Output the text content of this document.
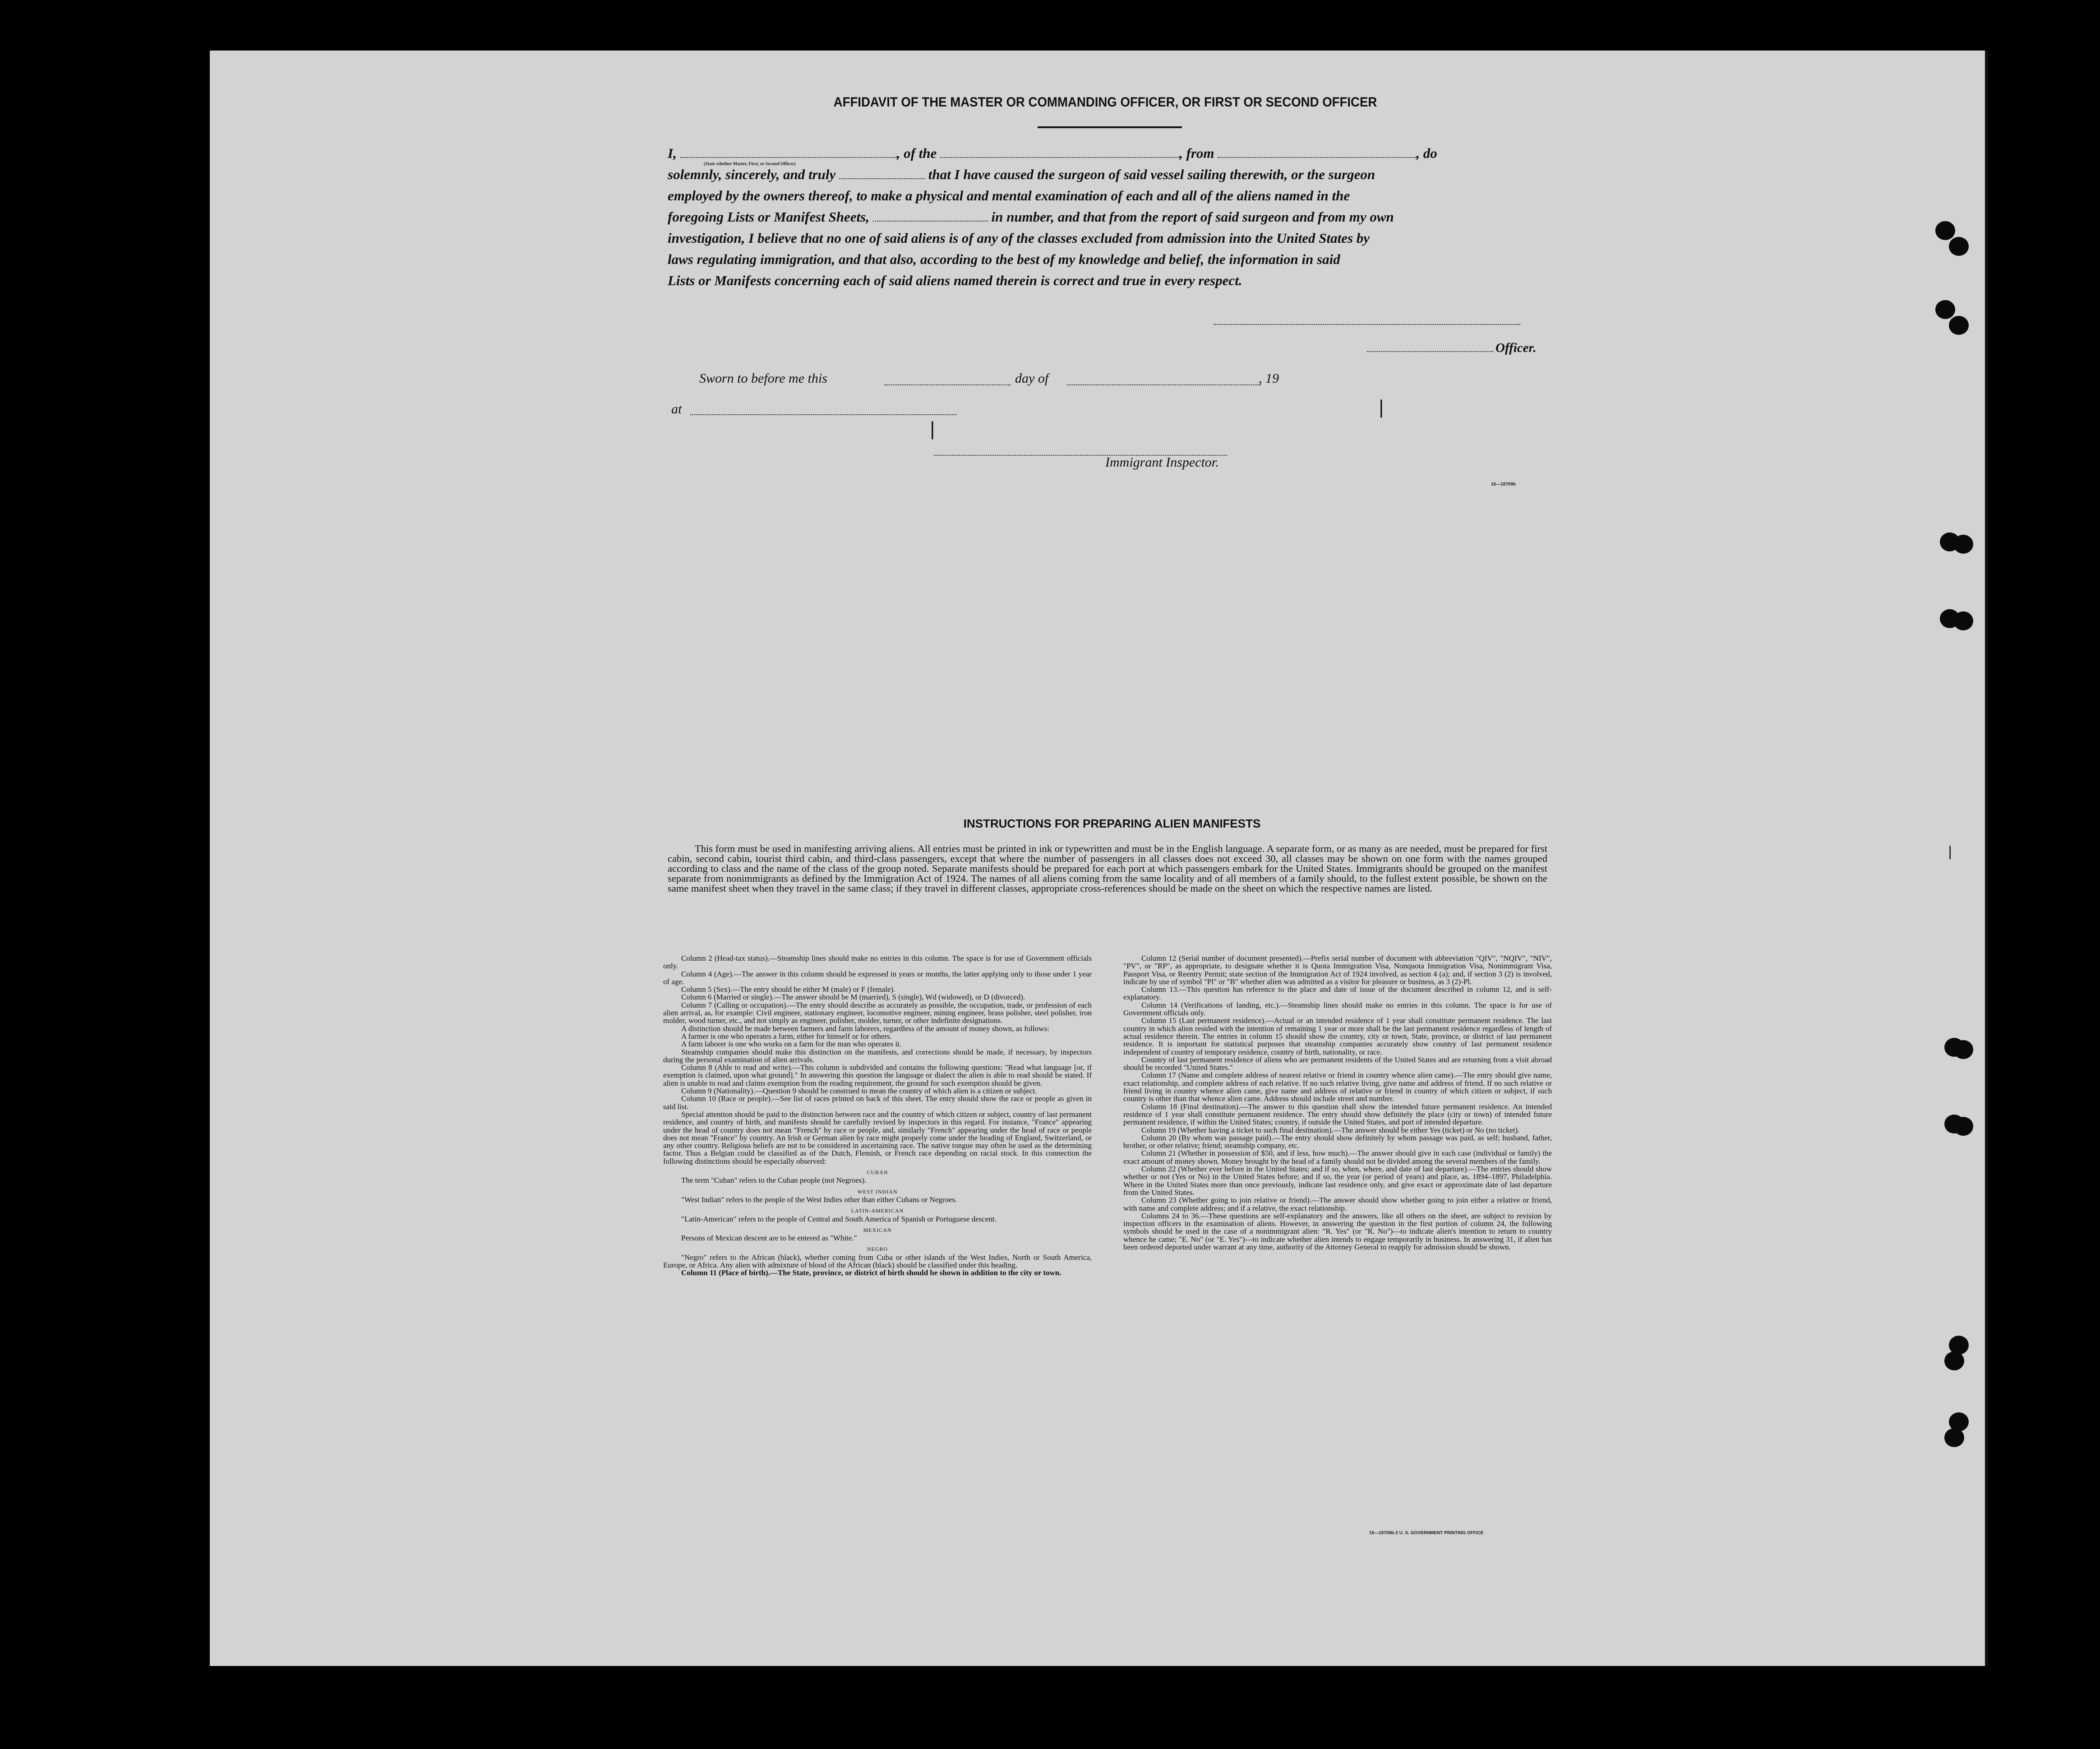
AFFIDAVIT OF THE MASTER OR COMMANDING OFFICER, OR FIRST OR SECOND OFFICER
I,	, of the	, from	, do
solemnly, sincerely, and truly	that I have caused the surgeon of said vessel sailing therewith, or the surgeon
employed by the owners thereof, to make a physical and mental examination of each and all of the aliens named in the
foregoing Lists or Manifest Sheets,	in number, and that from the report of said surgeon and from my own
investigation, I believe that no one of said aliens is of any of the classes excluded from admission into the United States by
laws regulating immigration, and that also, according to the best of my knowledge and belief, the information in said
Lists or Manifests concerning each of said aliens named therein is correct and true in every respect.
(State whether Master, First, or Second Officer)
Officer.
Sworn to before me this	day of	, 19
at
Immigrant Inspector.
16—18709b
INSTRUCTIONS FOR PREPARING ALIEN MANIFESTS
This form must be used in manifesting arriving aliens. All entries must be printed in ink or typewritten and must be in the English language. A separate form, or as many as are needed, must be prepared for first cabin, second cabin, tourist third cabin, and third-class passengers, except that where the number of passengers in all classes does not exceed 30, all classes may be shown on one form with the names grouped according to class and the name of the class of the group noted. Separate manifests should be prepared for each port at which passengers embark for the United States. Immigrants should be grouped on the manifest separate from nonimmigrants as defined by the Immigration Act of 1924. The names of all aliens coming from the same locality and of all members of a family should, to the fullest extent possible, be shown on the same manifest sheet when they travel in the same class; if they travel in different classes, appropriate cross-references should be made on the sheet on which the respective names are listed.

Column 2 (Head-tax status).—Steamship lines should make no entries in this column. The space is for use of Government officials only.

Column 4 (Age).—The answer in this column should be expressed in years or months, the latter applying only to those under 1 year of age.

Column 5 (Sex).—The entry should be either M (male) or F (female).

Column 6 (Married or single).—The answer should be M (married), S (single), Wd (widowed), or D (divorced).

Column 7 (Calling or occupation).—The entry should describe as accurately as possible, the occupation, trade, or profession of each alien arrival, as, for example: Civil engineer, stationary engineer, locomotive engineer, mining engineer, brass polisher, steel polisher, iron molder, wood turner, etc., and not simply as engineer, polisher, molder, turner, or other indefinite designations.

A distinction should be made between farmers and farm laborers, regardless of the amount of money shown, as follows:

A farmer is one who operates a farm, either for himself or for others.

A farm laborer is one who works on a farm for the man who operates it.

Steamship companies should make this distinction on the manifests, and corrections should be made, if necessary, by inspectors during the personal examination of alien arrivals.

Column 8 (Able to read and write).—This column is subdivided and contains the following questions: "Read what language [or, if exemption is claimed, upon what ground]." In answering this question the language or dialect the alien is able to read should be stated. If alien is unable to read and claims exemption from the reading requirement, the ground for such exemption should be given.

Column 9 (Nationality).—Question 9 should be construed to mean the country of which alien is a citizen or subject.

Column 10 (Race or people).—See list of races printed on back of this sheet. The entry should show the race or people as given in said list.

Special attention should be paid to the distinction between race and the country of which citizen or subject, country of last permanent residence, and country of birth, and manifests should be carefully revised by inspectors in this regard. For instance, "France" appearing under the head of country does not mean "French" by race or people, and, similarly "French" appearing under the head of race or people does not mean "France" by country. An Irish or German alien by race might properly come under the heading of England, Switzerland, or any other country. Religious beliefs are not to be considered in ascertaining race. The native tongue may often be used as the determining factor. Thus a Belgian could be classified as of the Dutch, Flemish, or French race depending on racial stock. In this connection the following distinctions should be especially observed:

CUBAN

The term "Cuban" refers to the Cuban people (not Negroes).

WEST INDIAN

"West Indian" refers to the people of the West Indies other than either Cubans or Negroes.

LATIN-AMERICAN

"Latin-American" refers to the people of Central and South America of Spanish or Portuguese descent.

MEXICAN

Persons of Mexican descent are to be entered as "White."

NEGRO

"Negro" refers to the African (black), whether coming from Cuba or other islands of the West Indies, North or South America, Europe, or Africa. Any alien with admixture of blood of the African (black) should be classified under this heading.

Column 11 (Place of birth).—The State, province, or district of birth should be shown in addition to the city or town.

Column 12 (Serial number of document presented).—Prefix serial number of document with abbreviation "QIV", "NQIV", "NIV", "PV", or "RP", as appropriate, to designate whether it is Quota Immigration Visa, Nonquota Immigration Visa, Nonimmigrant Visa, Passport Visa, or Reentry Permit; state section of the Immigration Act of 1924 involved, as section 4 (a); and, if section 3 (2) is involved, indicate by use of symbol "Pl" or "B" whether alien was admitted as a visitor for pleasure or business, as 3 (2)-Pl.

Column 13.—This question has reference to the place and date of issue of the document described in column 12, and is self-explanatory.

Column 14 (Verifications of landing, etc.).—Steamship lines should make no entries in this column. The space is for use of Government officials only.

Column 15 (Last permanent residence).—Actual or an intended residence of 1 year shall constitute permanent residence. The last country in which alien resided with the intention of remaining 1 year or more shall be the last permanent residence regardless of length of actual residence therein. The entries in column 15 should show the country, city or town, State, province, or district of last permanent residence. It is important for statistical purposes that steamship companies accurately show country of last permanent residence independent of country of temporary residence, country of birth, nationality, or race.

Country of last permanent residence of aliens who are permanent residents of the United States and are returning from a visit abroad should be recorded "United States."

Column 17 (Name and complete address of nearest relative or friend in country whence alien came).—The entry should give name, exact relationship, and complete address of each relative. If no such relative living, give name and address of friend. If no such relative or friend living in country whence alien came, give name and address of relative or friend in country of which citizen or subject, if such country is other than that whence alien came. Address should include street and number.

Column 18 (Final destination).—The answer to this question shall show the intended future permanent residence. An intended residence of 1 year shall constitute permanent residence. The entry should show definitely the place (city or town) of intended future permanent residence, if within the United States; country, if outside the United States, and port of intended departure.

Column 19 (Whether having a ticket to such final destination).—The answer should be either Yes (ticket) or No (no ticket).

Column 20 (By whom was passage paid).—The entry should show definitely by whom passage was paid, as self; husband, father, brother, or other relative; friend; steamship company, etc.

Column 21 (Whether in possession of $50, and if less, how much).—The answer should give in each case (individual or family) the exact amount of money shown. Money brought by the head of a family should not be divided among the several members of the family.

Column 22 (Whether ever before in the United States; and if so, when, where, and date of last departure).—The entries should show whether or not (Yes or No) in the United States before; and if so, the year (or period of years) and place, as, 1894–1897, Philadelphia. Where in the United States more than once previously, indicate last residence only, and give exact or approximate date of last departure from the United States.

Column 23 (Whether going to join relative or friend).—The answer should show whether going to join either a relative or friend, with name and complete address; and if a relative, the exact relationship.

Columns 24 to 36.—These questions are self-explanatory and the answers, like all others on the sheet, are subject to revision by inspection officers in the examination of aliens. However, in answering the question in the first portion of column 24, the following symbols should be used in the case of a nonimmigrant alien: "R. Yes" (or "R. No")—to indicate alien's intention to return to country whence he came; "E. No" (or "E. Yes")—to indicate whether alien intends to engage temporarily in business. In answering 31, if alien has been ordered deported under warrant at any time, authority of the Attorney General to reapply for admission should be shown.

16—18709b-2 U. S. GOVERNMENT PRINTING OFFICE
❘
❘
❘
